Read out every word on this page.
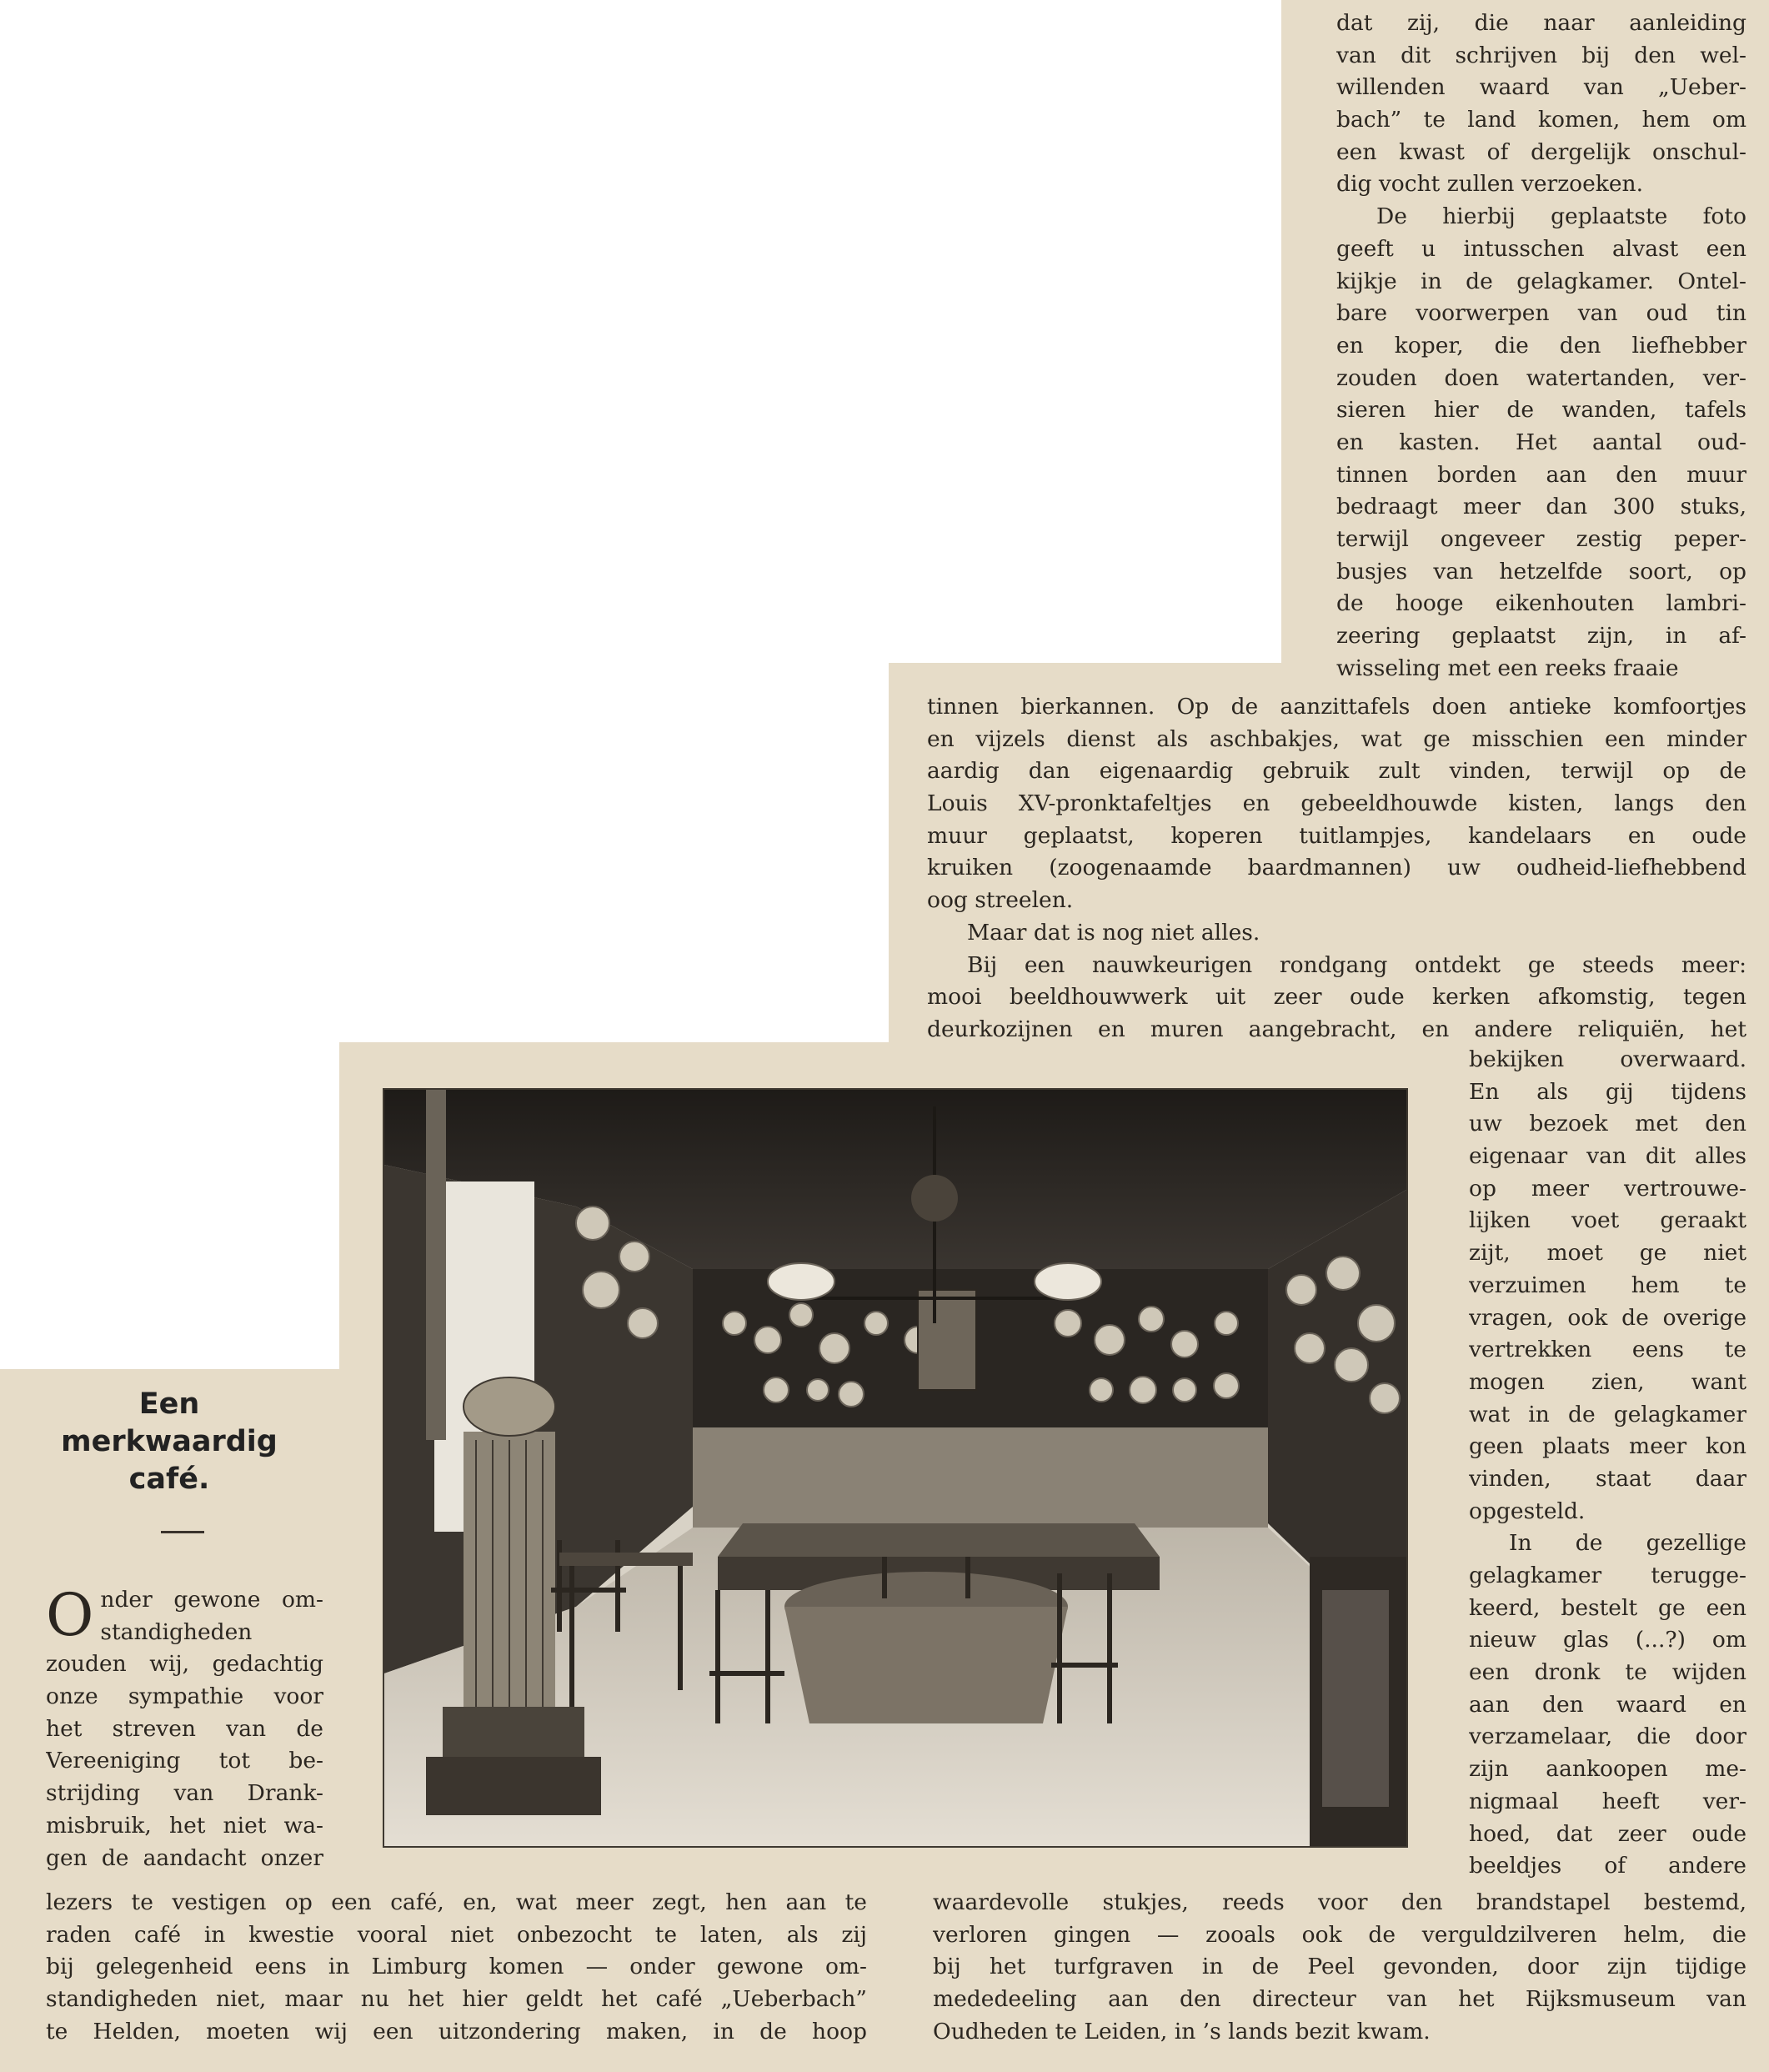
dat zij, die naar aanleiding
van dit schrijven bij den wel-
willenden waard van „Ueber-
bach” te land komen, hem om
een kwast of dergelijk onschul-
dig vocht zullen verzoeken.
De hierbij geplaatste foto
geeft u intusschen alvast een
kijkje in de gelagkamer. Ontel-
bare voorwerpen van oud tin
en koper, die den liefhebber
zouden doen watertanden, ver-
sieren hier de wanden, tafels
en kasten. Het aantal oud-
tinnen borden aan den muur
bedraagt meer dan 300 stuks,
terwijl ongeveer zestig peper-
busjes van hetzelfde soort, op
de hooge eikenhouten lambri-
zeering geplaatst zijn, in af-
wisseling met een reeks fraaie
tinnen bierkannen. Op de aanzittafels doen antieke komfoortjes
en vijzels dienst als aschbakjes, wat ge misschien een minder
aardig dan eigenaardig gebruik zult vinden, terwijl op de
Louis XV-pronktafeltjes en gebeeldhouwde kisten, langs den
muur geplaatst, koperen tuitlampjes, kandelaars en oude
kruiken (zoogenaamde baardmannen) uw oudheid-liefhebbend
oog streelen.
Maar dat is nog niet alles.
Bij een nauwkeurigen rondgang ontdekt ge steeds meer:
mooi beeldhouwwerk uit zeer oude kerken afkomstig, tegen
deurkozijnen en muren aangebracht, en andere reliquiën, het
bekijken overwaard.
En als gij tijdens
uw bezoek met den
eigenaar van dit alles
op meer vertrouwe-
lijken voet geraakt
zijt, moet ge niet
verzuimen hem te
vragen, ook de overige
vertrekken eens te
mogen zien, want
wat in de gelagkamer
geen plaats meer kon
vinden, staat daar
opgesteld.
In de gezellige
gelagkamer terugge-
keerd, bestelt ge een
nieuw glas (...?) om
een dronk te wijden
aan den waard en
verzamelaar, die door
zijn aankoopen me-
nigmaal heeft ver-
hoed, dat zeer oude
beeldjes of andere
Een
merkwaardig
café.
O nder gewone om-
standigheden
zouden wij, gedachtig
onze sympathie voor
het streven van de
Vereeniging tot be-
strijding van Drank-
misbruik, het niet wa-
gen de aandacht onzer
lezers te vestigen op een café, en, wat meer zegt, hen aan te
raden café in kwestie vooral niet onbezocht te laten, als zij
bij gelegenheid eens in Limburg komen — onder gewone om-
standigheden niet, maar nu het hier geldt het café „Ueberbach”
te Helden, moeten wij een uitzondering maken, in de hoop
waardevolle stukjes, reeds voor den brandstapel bestemd,
verloren gingen — zooals ook de verguldzilveren helm, die
bij het turfgraven in de Peel gevonden, door zijn tijdige
mededeeling aan den directeur van het Rijksmuseum van
Oudheden te Leiden, in ’s lands bezit kwam.
